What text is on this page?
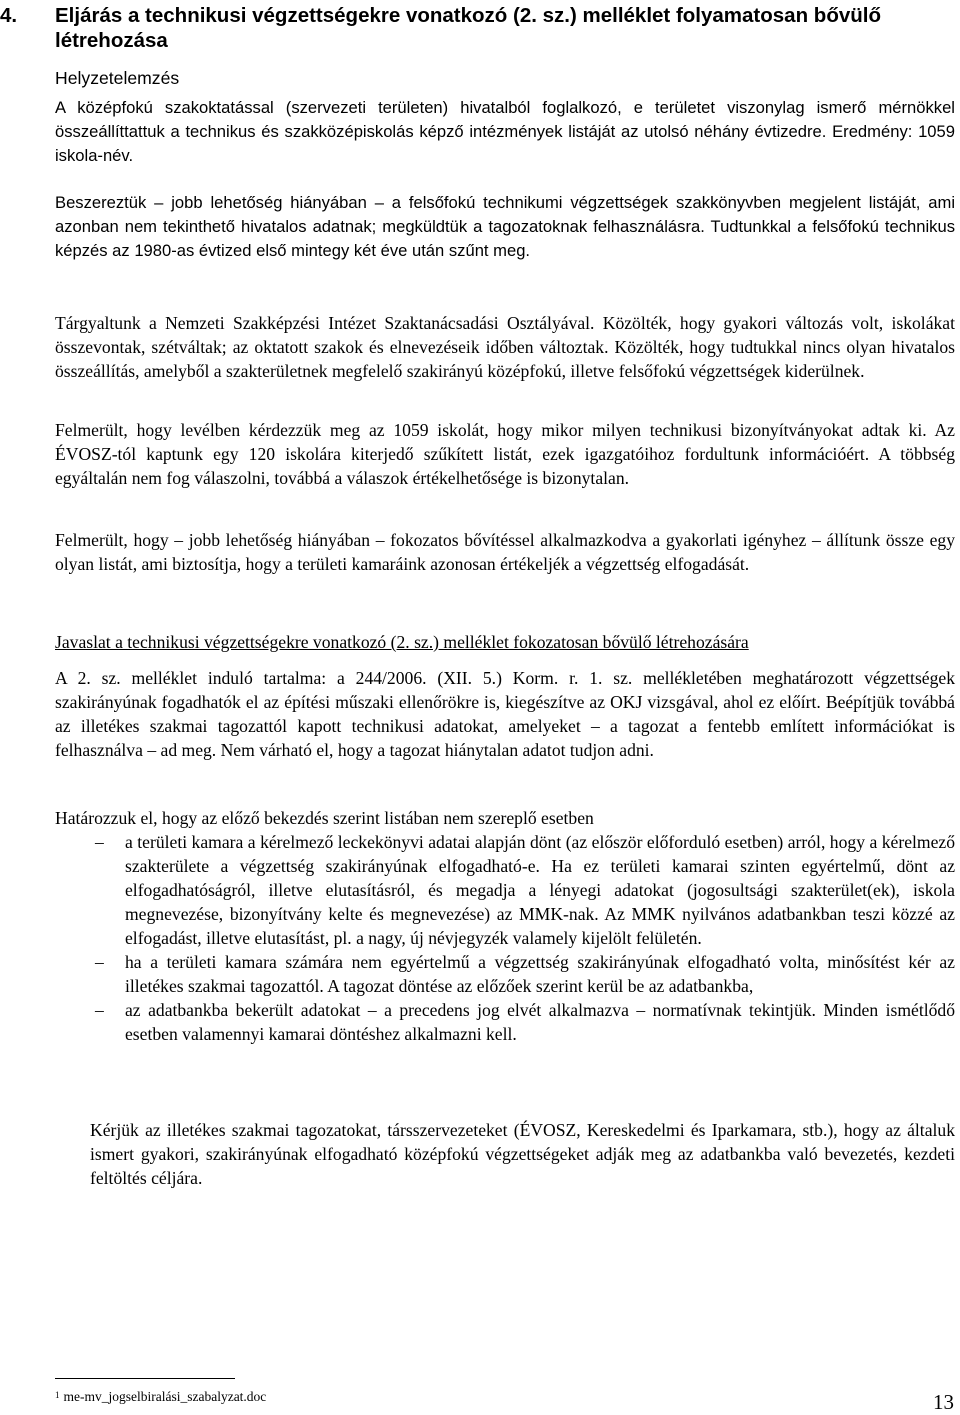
4. Eljárás a technikusi végzettségekre vonatkozó (2. sz.) melléklet folyamatosan bővülő
létrehozása
Helyzetelemzés
A középfokú szakoktatással (szervezeti területen) hivatalból foglalkozó, e területet viszonylag ismerő mérnökkel összeállíttattuk a technikus és szakközépiskolás képző intézmények listáját az utolsó néhány évtizedre. Eredmény: 1059 iskola-név.
Beszereztük – jobb lehetőség hiányában – a felsőfokú technikumi végzettségek szakkönyvben megjelent listáját, ami azonban nem tekinthető hivatalos adatnak; megküldtük a tagozatoknak felhasználásra. Tudtunkkal a felsőfokú technikus képzés az 1980-as évtized első mintegy két éve után szűnt meg.

Tárgyaltunk a Nemzeti Szakképzési Intézet Szaktanácsadási Osztályával. Közölték, hogy gyakori változás volt, iskolákat összevontak, szétváltak; az oktatott szakok és elnevezéseik időben változtak. Közölték, hogy tudtukkal nincs olyan hivatalos összeállítás, amelyből a szakterületnek megfelelő szakirányú középfokú, illetve felsőfokú végzettségek kiderülnek.

Felmerült, hogy levélben kérdezzük meg az 1059 iskolát, hogy mikor milyen technikusi bizonyítványokat adtak ki. Az ÉVOSZ-tól kaptunk egy 120 iskolára kiterjedő szűkített listát, ezek igazgatóihoz fordultunk információért. A többség egyáltalán nem fog válaszolni, továbbá a válaszok értékelhetősége is bizonytalan.

Felmerült, hogy – jobb lehetőség hiányában – fokozatos bővítéssel alkalmazkodva a gyakorlati igényhez – állítunk össze egy olyan listát, ami biztosítja, hogy a területi kamaráink azonosan értékeljék a végzettség elfogadását.

Javaslat a technikusi végzettségekre vonatkozó (2. sz.) melléklet fokozatosan bővülő létrehozására

A 2. sz. melléklet induló tartalma: a 244/2006. (XII. 5.) Korm. r. 1. sz. mellékletében meghatározott végzettségek szakirányúnak fogadhatók el az építési műszaki ellenőrökre is, kiegészítve az OKJ vizsgával, ahol ez előírt. Beépítjük továbbá az illetékes szakmai tagozattól kapott technikusi adatokat, amelyeket – a tagozat a fentebb említett információkat is felhasználva – ad meg. Nem várható el, hogy a tagozat hiánytalan adatot tudjon adni.

Határozzuk el, hogy az előző bekezdés szerint listában nem szereplő esetben

– a területi kamara a kérelmező leckekönyvi adatai alapján dönt (az először előforduló esetben) arról, hogy a kérelmező szakterülete a végzettség szakirányúnak elfogadható-e. Ha ez területi kamarai szinten egyértelmű, dönt az elfogadhatóságról, illetve elutasításról, és megadja a lényegi adatokat (jogosultsági szakterület(ek), iskola megnevezése, bizonyítvány kelte és megnevezése) az MMK-nak. Az MMK nyilvános adatbankban teszi közzé az elfogadást, illetve elutasítást, pl. a nagy, új névjegyzék valamely kijelölt felületén.
– ha a területi kamara számára nem egyértelmű a végzettség szakirányúnak elfogadható volta, minősítést kér az illetékes szakmai tagozattól. A tagozat döntése az előzőek szerint kerül be az adatbankba,
– az adatbankba bekerült adatokat – a precedens jog elvét alkalmazva – normatívnak tekintjük. Minden ismétlődő esetben valamennyi kamarai döntéshez alkalmazni kell.

Kérjük az illetékes szakmai tagozatokat, társszervezeteket (ÉVOSZ, Kereskedelmi és Iparkamara, stb.), hogy az általuk ismert gyakori, szakirányúnak elfogadható középfokú végzettségeket adják meg az adatbankba való bevezetés, kezdeti feltöltés céljára.

$^1$ me-mv_jogselbiralási_szabalyzat.doc	13
